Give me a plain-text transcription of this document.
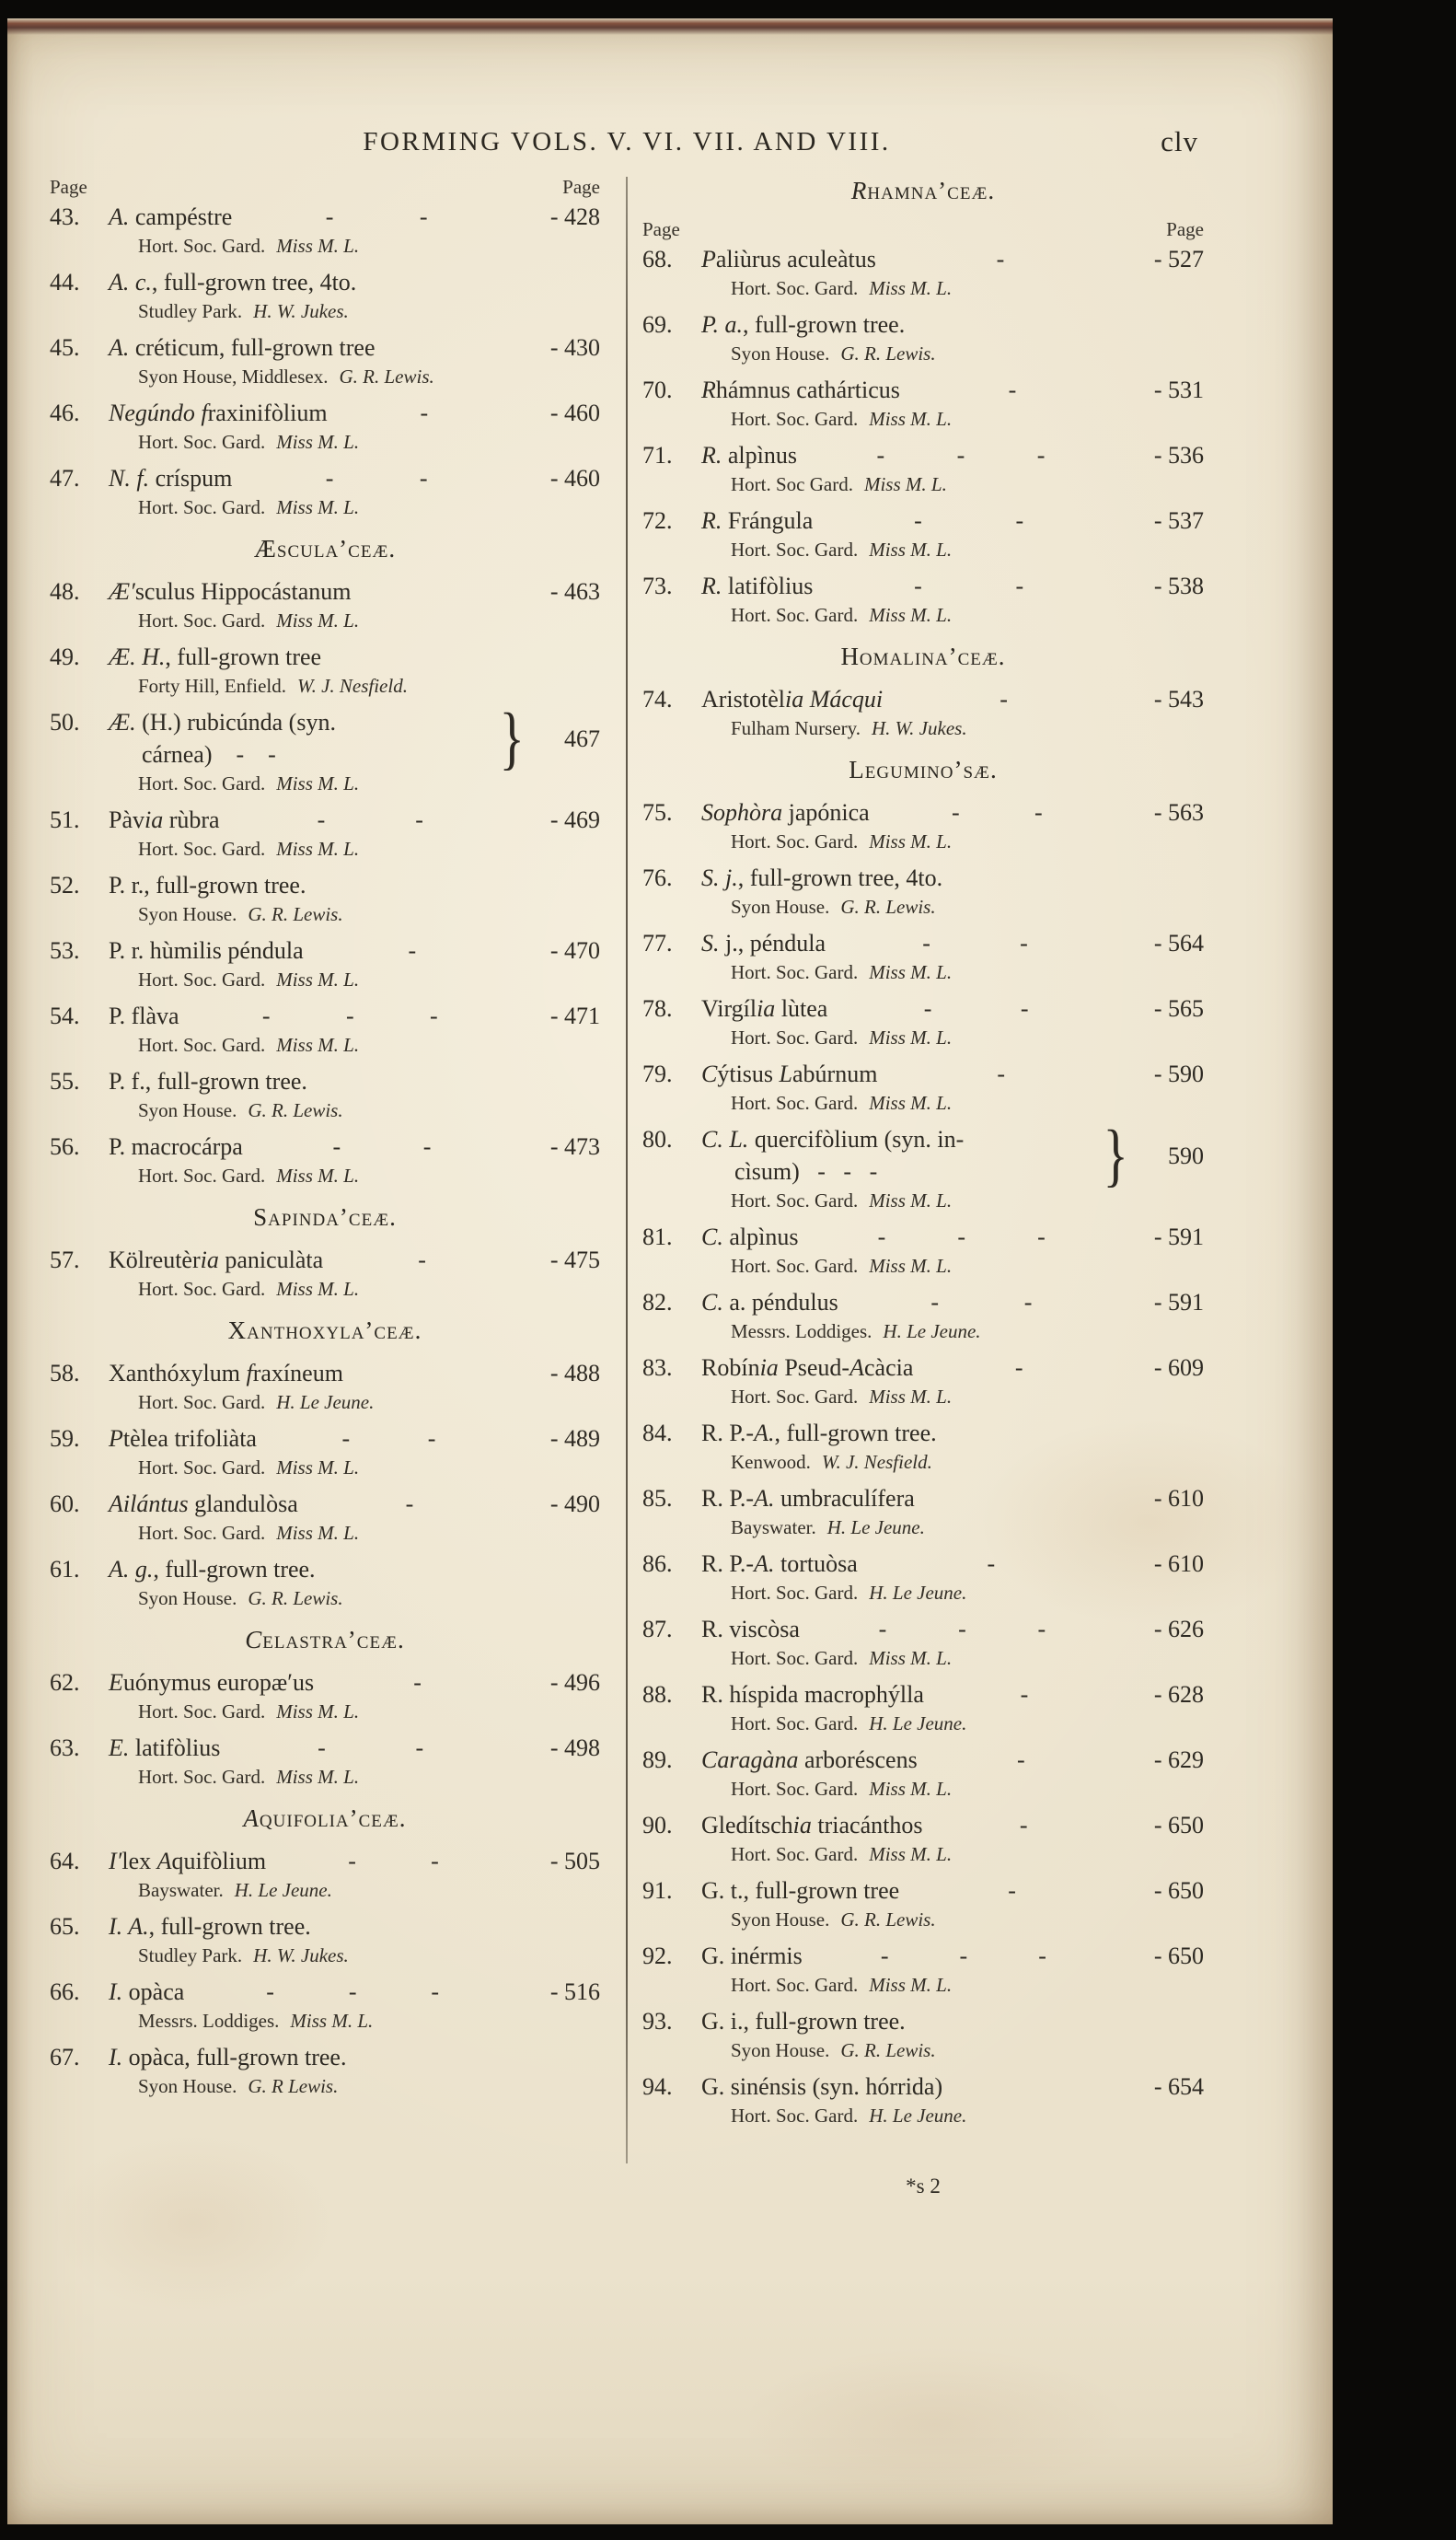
FORMING VOLS. V. VI. VII. AND VIII.	clv
Page	Page
43.	A. campéstre	-	-	- 428
Hort. Soc. Gard. Miss M. L.
44.	A. c., full-grown tree, 4to.
Studley Park. H. W. Jukes.
45.	A. créticum, full-grown tree	- 430
Syon House, Middlesex. G. R. Lewis.
46.	Negúndo fraxinifòlium	-	- 460
Hort. Soc. Gard. Miss M. L.
47.	N. f. críspum	-	-	- 460
Hort. Soc. Gard. Miss M. L.
Æscula’ceæ.
48.	Æ′sculus Hippocástanum	- 463
Hort. Soc. Gard. Miss M. L.
49.	Æ. H., full-grown tree
Forty Hill, Enfield. W. J. Nesfield.
50.	Æ. (H.) rubicúnda (syn.
cárnea)    -    -	}	467
Hort. Soc. Gard. Miss M. L.
51.	Pàvia rùbra	-	-	- 469
Hort. Soc. Gard. Miss M. L.
52.	P. r., full-grown tree.
Syon House. G. R. Lewis.
53.	P. r. hùmilis péndula	-	- 470
Hort. Soc. Gard. Miss M. L.
54.	P. flàva	-	-	-	- 471
Hort. Soc. Gard. Miss M. L.
55.	P. f., full-grown tree.
Syon House. G. R. Lewis.
56.	P. macrocárpa	-	-	- 473
Hort. Soc. Gard. Miss M. L.
Sapinda’ceæ.
57.	Kölreutèria paniculàta	-	- 475
Hort. Soc. Gard. Miss M. L.
Xanthoxyla’ceæ.
58.	Xanthóxylum fraxíneum	- 488
Hort. Soc. Gard. H. Le Jeune.
59.	Ptèlea trifoliàta	-	-	- 489
Hort. Soc. Gard. Miss M. L.
60.	Ailántus glandulòsa	-	- 490
Hort. Soc. Gard. Miss M. L.
61.	A. g., full-grown tree.
Syon House. G. R. Lewis.
Celastra’ceæ.
62.	Euónymus europæ′us	-	- 496
Hort. Soc. Gard. Miss M. L.
63.	E. latifòlius	-	-	- 498
Hort. Soc. Gard. Miss M. L.
Aquifolia’ceæ.
64.	I′lex Aquifòlium	-	-	- 505
Bayswater. H. Le Jeune.
65.	I. A., full-grown tree.
Studley Park. H. W. Jukes.
66.	I. opàca	-	-	-	- 516
Messrs. Loddiges. Miss M. L.
67.	I. opàca, full-grown tree.
Syon House. G. R Lewis.
Rhamna’ceæ.
Page	Page
68.	Paliùrus aculeàtus	-	- 527
Hort. Soc. Gard. Miss M. L.
69.	P. a., full-grown tree.
Syon House. G. R. Lewis.
70.	Rhámnus cathárticus	-	- 531
Hort. Soc. Gard. Miss M. L.
71.	R. alpìnus	-	-	-	- 536
Hort. Soc Gard. Miss M. L.
72.	R. Frángula	-	-	- 537
Hort. Soc. Gard. Miss M. L.
73.	R. latifòlius	-	-	- 538
Hort. Soc. Gard. Miss M. L.
Homalina’ceæ.
74.	Aristotèlia Mácqui	-	- 543
Fulham Nursery. H. W. Jukes.
Legumino’sæ.
75.	Sophòra japónica	-	-	- 563
Hort. Soc. Gard. Miss M. L.
76.	S. j., full-grown tree, 4to.
Syon House. G. R. Lewis.
77.	S. j., péndula	-	-	- 564
Hort. Soc. Gard. Miss M. L.
78.	Virgília lùtea	-	-	- 565
Hort. Soc. Gard. Miss M. L.
79.	Cýtisus Labúrnum	-	- 590
Hort. Soc. Gard. Miss M. L.
80.	C. L. quercifòlium (syn. in-
cìsum)   -   -   -	}	590
Hort. Soc. Gard. Miss M. L.
81.	C. alpìnus	-	-	-	- 591
Hort. Soc. Gard. Miss M. L.
82.	C. a. péndulus	-	-	- 591
Messrs. Loddiges. H. Le Jeune.
83.	Robínia Pseud-Acàcia	-	- 609
Hort. Soc. Gard. Miss M. L.
84.	R. P.-A., full-grown tree.
Kenwood. W. J. Nesfield.
85.	R. P.-A. umbraculífera	- 610
Bayswater. H. Le Jeune.
86.	R. P.-A. tortuòsa	-	- 610
Hort. Soc. Gard. H. Le Jeune.
87.	R. viscòsa	-	-	-	- 626
Hort. Soc. Gard. Miss M. L.
88.	R. híspida macrophýlla	-	- 628
Hort. Soc. Gard. H. Le Jeune.
89.	Caragàna arboréscens	-	- 629
Hort. Soc. Gard. Miss M. L.
90.	Gledítschia triacánthos	-	- 650
Hort. Soc. Gard. Miss M. L.
91.	G. t., full-grown tree	-	- 650
Syon House. G. R. Lewis.
92.	G. inérmis	-	-	-	- 650
Hort. Soc. Gard. Miss M. L.
93.	G. i., full-grown tree.
Syon House. G. R. Lewis.
94.	G. sinénsis (syn. hórrida)	- 654
Hort. Soc. Gard. H. Le Jeune.
*s 2
